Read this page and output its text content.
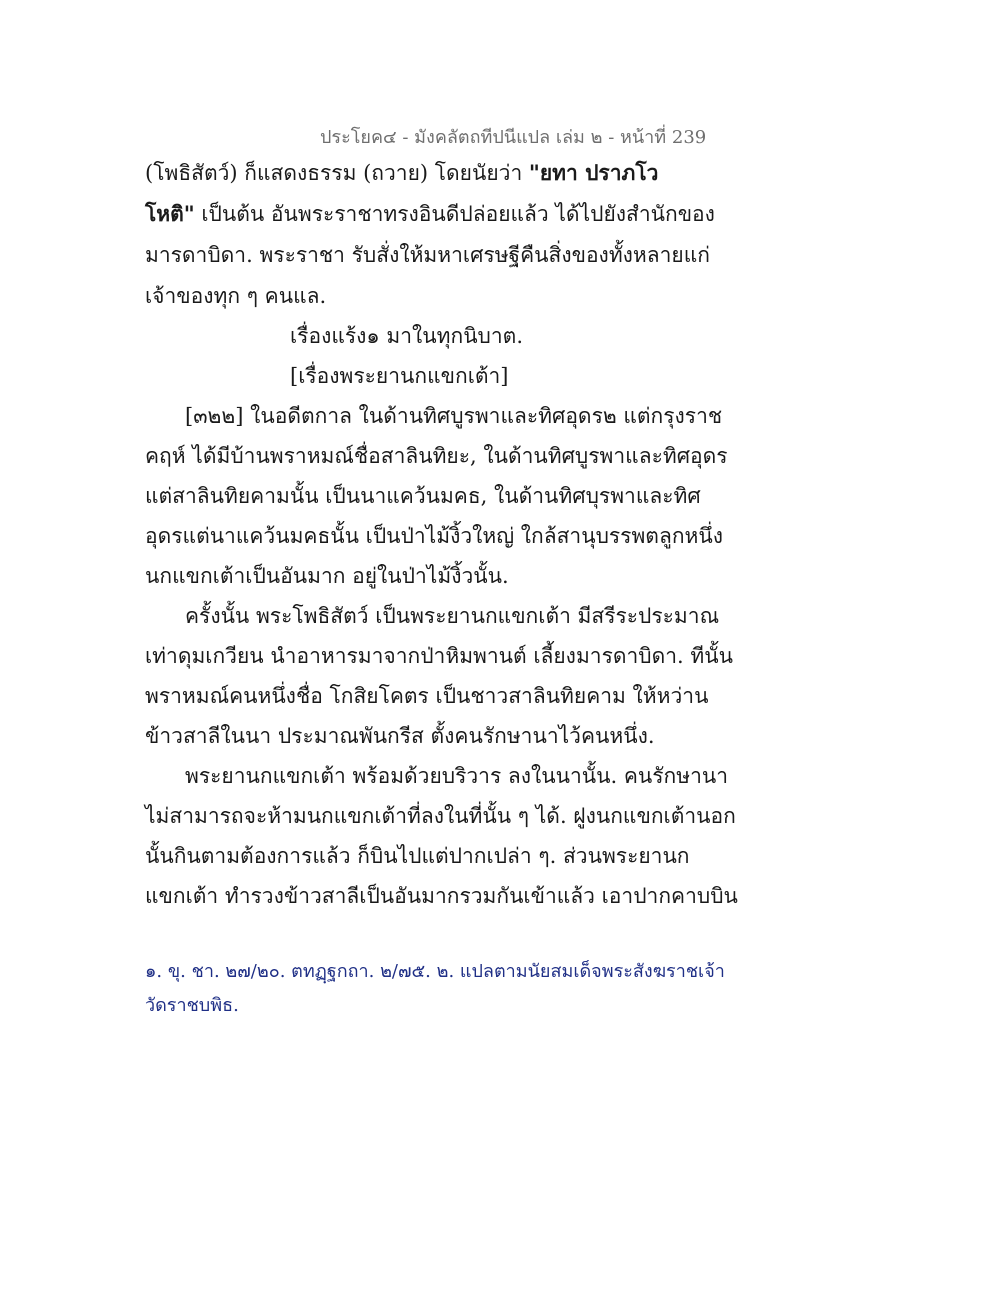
ประโยค๔ - มังคลัตถทีปนีแปล เล่ม ๒ - หน้าที่ 239
(โพธิสัตว์) ก็แสดงธรรม (ถวาย) โดยนัยว่า "ยทา ปราภโว
โหติ" เป็นต้น อันพระราชาทรงอินดีปล่อยแล้ว ได้ไปยังสำนักของ
มารดาบิดา. พระราชา รับสั่งให้มหาเศรษฐีคืนสิ่งของทั้งหลายแก่
เจ้าของทุก ๆ คนแล.
เรื่องแร้ง๑ มาในทุกนิบาต.
[เรื่องพระยานกแขกเต้า]
[๓๒๒] ในอดีตกาล ในด้านทิศบูรพาและทิศอุดร๒ แต่กรุงราช
คฤห์ ได้มีบ้านพราหมณ์ชื่อสาลินทิยะ, ในด้านทิศบูรพาและทิศอุดร
แต่สาลินทิยคามนั้น เป็นนาแคว้นมคธ, ในด้านทิศบุรพาและทิศ
อุดรแต่นาแคว้นมคธนั้น เป็นป่าไม้งิ้วใหญ่ ใกล้สานุบรรพตลูกหนึ่ง
นกแขกเต้าเป็นอันมาก อยู่ในป่าไม้งิ้วนั้น.
ครั้งนั้น พระโพธิสัตว์ เป็นพระยานกแขกเต้า มีสรีระประมาณ
เท่าดุมเกวียน นำอาหารมาจากป่าหิมพานต์ เลี้ยงมารดาบิดา. ทีนั้น
พราหมณ์คนหนึ่งชื่อ โกสิยโคตร เป็นชาวสาลินทิยคาม ให้หว่าน
ข้าวสาลีในนา ประมาณพันกรีส ตั้งคนรักษานาไว้คนหนึ่ง.
พระยานกแขกเต้า พร้อมด้วยบริวาร ลงในนานั้น. คนรักษานา
ไม่สามารถจะห้ามนกแขกเต้าที่ลงในที่นั้น ๆ ได้. ฝูงนกแขกเต้านอก
นั้นกินตามต้องการแล้ว ก็บินไปแต่ปากเปล่า ๆ. ส่วนพระยานก
แขกเต้า ทำรวงข้าวสาลีเป็นอันมากรวมกันเข้าแล้ว เอาปากคาบบิน
๑. ขุ. ชา. ๒๗/๒๐. ตทฏฺฐกถา. ๒/๗๕. ๒. แปลตามนัยสมเด็จพระสังฆราชเจ้า
วัดราชบพิธ.
